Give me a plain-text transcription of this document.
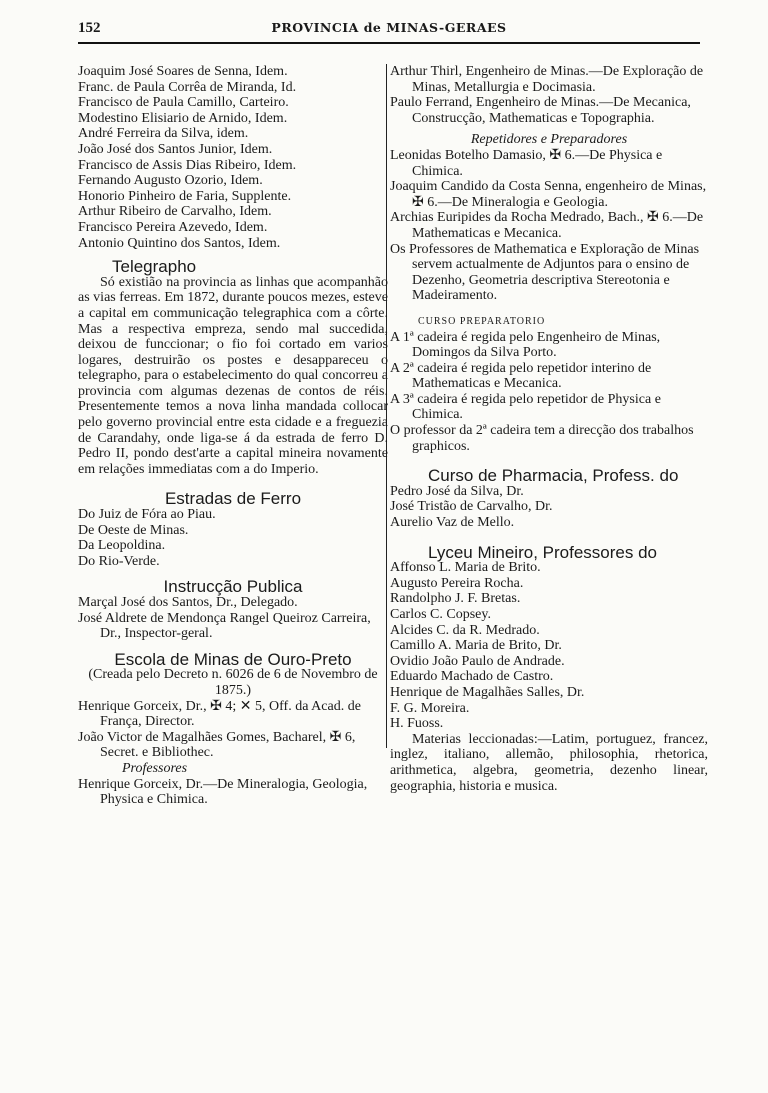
152	PROVINCIA de MINAS-GERAES

Joaquim José Soares de Senna, Idem.

Franc. de Paula Corrêa de Miranda, Id.

Francisco de Paula Camillo, Carteiro.

Modestino Elisiario de Arnido, Idem.

André Ferreira da Silva, idem.

João José dos Santos Junior, Idem.

Francisco de Assis Dias Ribeiro, Idem.

Fernando Augusto Ozorio, Idem.

Honorio Pinheiro de Faria, Supplente.

Arthur Ribeiro de Carvalho, Idem.

Francisco Pereira Azevedo, Idem.

Antonio Quintino dos Santos, Idem.

Telegrapho

Só existião na provincia as linhas que acompanhão as vias ferreas. Em 1872, durante poucos mezes, esteve a capital em communicação telegraphica com a côrte. Mas a respectiva empreza, sendo mal succedida, deixou de funccionar; o fio foi cortado em varios logares, destruirão os postes e desappareceu o telegrapho, para o estabelecimento do qual concorreu a provincia com algumas dezenas de contos de réis. Presentemente temos a nova linha mandada collocar pelo governo provincial entre esta cidade e a freguezia de Carandahy, onde liga-se á da estrada de ferro D. Pedro II, pondo dest'arte a capital mineira novamente em relações immediatas com a do Imperio.

Estradas de Ferro

Do Juiz de Fóra ao Piau.

De Oeste de Minas.

Da Leopoldina.

Do Rio-Verde.

Instrucção Publica

Marçal José dos Santos, Dr., Delegado.

José Aldrete de Mendonça Rangel Queiroz Carreira, Dr., Inspector-geral.

Escola de Minas de Ouro-Preto

(Creada pelo Decreto n. 6026 de 6 de Novembro de 1875.)

Henrique Gorceix, Dr., ✠ 4; ✕ 5, Off. da Acad. de França, Director.

João Victor de Magalhães Gomes, Bacharel, ✠ 6, Secret. e Bibliothec.

Professores

Henrique Gorceix, Dr.—De Mineralogia, Geologia, Physica e Chimica.

Arthur Thirl, Engenheiro de Minas.—De Exploração de Minas, Metallurgia e Docimasia.

Paulo Ferrand, Engenheiro de Minas.—De Mecanica, Construcção, Mathematicas e Topographia.

Repetidores e Preparadores

Leonidas Botelho Damasio, ✠ 6.—De Physica e Chimica.

Joaquim Candido da Costa Senna, engenheiro de Minas, ✠ 6.—De Mineralogia e Geologia.

Archias Euripides da Rocha Medrado, Bach., ✠ 6.—De Mathematicas e Mecanica.

Os Professores de Mathematica e Exploração de Minas servem actualmente de Adjuntos para o ensino de Dezenho, Geometria descriptiva Stereotonia e Madeiramento.

CURSO PREPARATORIO

A 1ª cadeira é regida pelo Engenheiro de Minas, Domingos da Silva Porto.

A 2ª cadeira é regida pelo repetidor interino de Mathematicas e Mecanica.

A 3ª cadeira é regida pelo repetidor de Physica e Chimica.

O professor da 2ª cadeira tem a direcção dos trabalhos graphicos.

Curso de Pharmacia, Profess. do

Pedro José da Silva, Dr.

José Tristão de Carvalho, Dr.

Aurelio Vaz de Mello.

Lyceu Mineiro, Professores do

Affonso L. Maria de Brito.

Augusto Pereira Rocha.

Randolpho J. F. Bretas.

Carlos C. Copsey.

Alcides C. da R. Medrado.

Camillo A. Maria de Brito, Dr.

Ovidio João Paulo de Andrade.

Eduardo Machado de Castro.

Henrique de Magalhães Salles, Dr.

F. G. Moreira.

H. Fuoss.

Materias leccionadas:—Latim, portuguez, francez, inglez, italiano, allemão, philosophia, rhetorica, arithmetica, algebra, geometria, dezenho linear, geographia, historia e musica.
